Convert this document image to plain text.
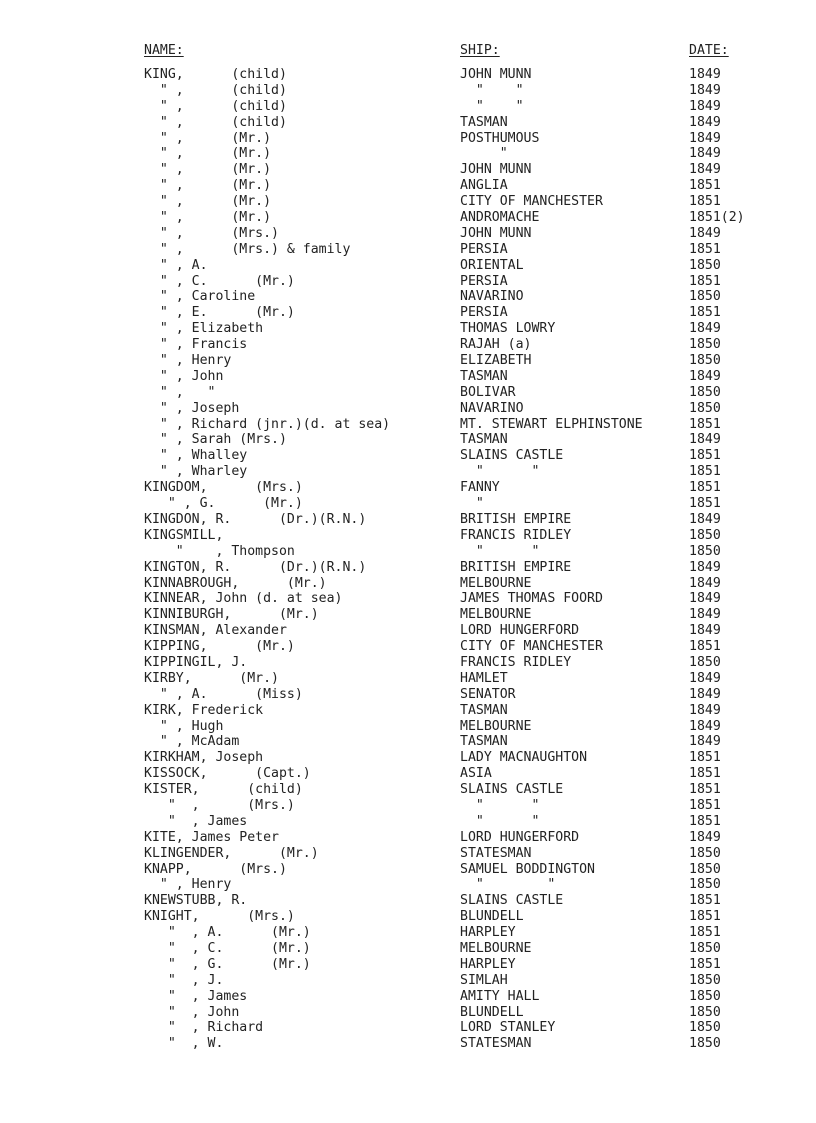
NAME:	SHIP:	DATE:
KING,      (child)	JOHN MUNN	1849
" ,      (child)	"    "	1849
" ,      (child)	"    "	1849
" ,      (child)	TASMAN	1849
" ,      (Mr.)	POSTHUMOUS	1849
" ,      (Mr.)	"	1849
" ,      (Mr.)	JOHN MUNN	1849
" ,      (Mr.)	ANGLIA	1851
" ,      (Mr.)	CITY OF MANCHESTER	1851
" ,      (Mr.)	ANDROMACHE	1851(2)
" ,      (Mrs.)	JOHN MUNN	1849
" ,      (Mrs.) & family	PERSIA	1851
" , A.	ORIENTAL	1850
" , C.      (Mr.)	PERSIA	1851
" , Caroline	NAVARINO	1850
" , E.      (Mr.)	PERSIA	1851
" , Elizabeth	THOMAS LOWRY	1849
" , Francis	RAJAH (a)	1850
" , Henry	ELIZABETH	1850
" , John	TASMAN	1849
" ,   "	BOLIVAR	1850
" , Joseph	NAVARINO	1850
" , Richard (jnr.)(d. at sea)	MT. STEWART ELPHINSTONE	1851
" , Sarah (Mrs.)	TASMAN	1849
" , Whalley	SLAINS CASTLE	1851
" , Wharley	"      "	1851
KINGDOM,      (Mrs.)	FANNY	1851
" , G.      (Mr.)	"	1851
KINGDON, R.      (Dr.)(R.N.)	BRITISH EMPIRE	1849
KINGSMILL,	FRANCIS RIDLEY	1850
"    , Thompson	"      "	1850
KINGTON, R.      (Dr.)(R.N.)	BRITISH EMPIRE	1849
KINNABROUGH,      (Mr.)	MELBOURNE	1849
KINNEAR, John (d. at sea)	JAMES THOMAS FOORD	1849
KINNIBURGH,      (Mr.)	MELBOURNE	1849
KINSMAN, Alexander	LORD HUNGERFORD	1849
KIPPING,      (Mr.)	CITY OF MANCHESTER	1851
KIPPINGIL, J.	FRANCIS RIDLEY	1850
KIRBY,      (Mr.)	HAMLET	1849
" , A.      (Miss)	SENATOR	1849
KIRK, Frederick	TASMAN	1849
" , Hugh	MELBOURNE	1849
" , McAdam	TASMAN	1849
KIRKHAM, Joseph	LADY MACNAUGHTON	1851
KISSOCK,      (Capt.)	ASIA	1851
KISTER,      (child)	SLAINS CASTLE	1851
"  ,      (Mrs.)	"      "	1851
"  , James	"      "	1851
KITE, James Peter	LORD HUNGERFORD	1849
KLINGENDER,      (Mr.)	STATESMAN	1850
KNAPP,      (Mrs.)	SAMUEL BODDINGTON	1850
" , Henry	"        "	1850
KNEWSTUBB, R.	SLAINS CASTLE	1851
KNIGHT,      (Mrs.)	BLUNDELL	1851
"  , A.      (Mr.)	HARPLEY	1851
"  , C.      (Mr.)	MELBOURNE	1850
"  , G.      (Mr.)	HARPLEY	1851
"  , J.	SIMLAH	1850
"  , James	AMITY HALL	1850
"  , John	BLUNDELL	1850
"  , Richard	LORD STANLEY	1850
"  , W.	STATESMAN	1850
